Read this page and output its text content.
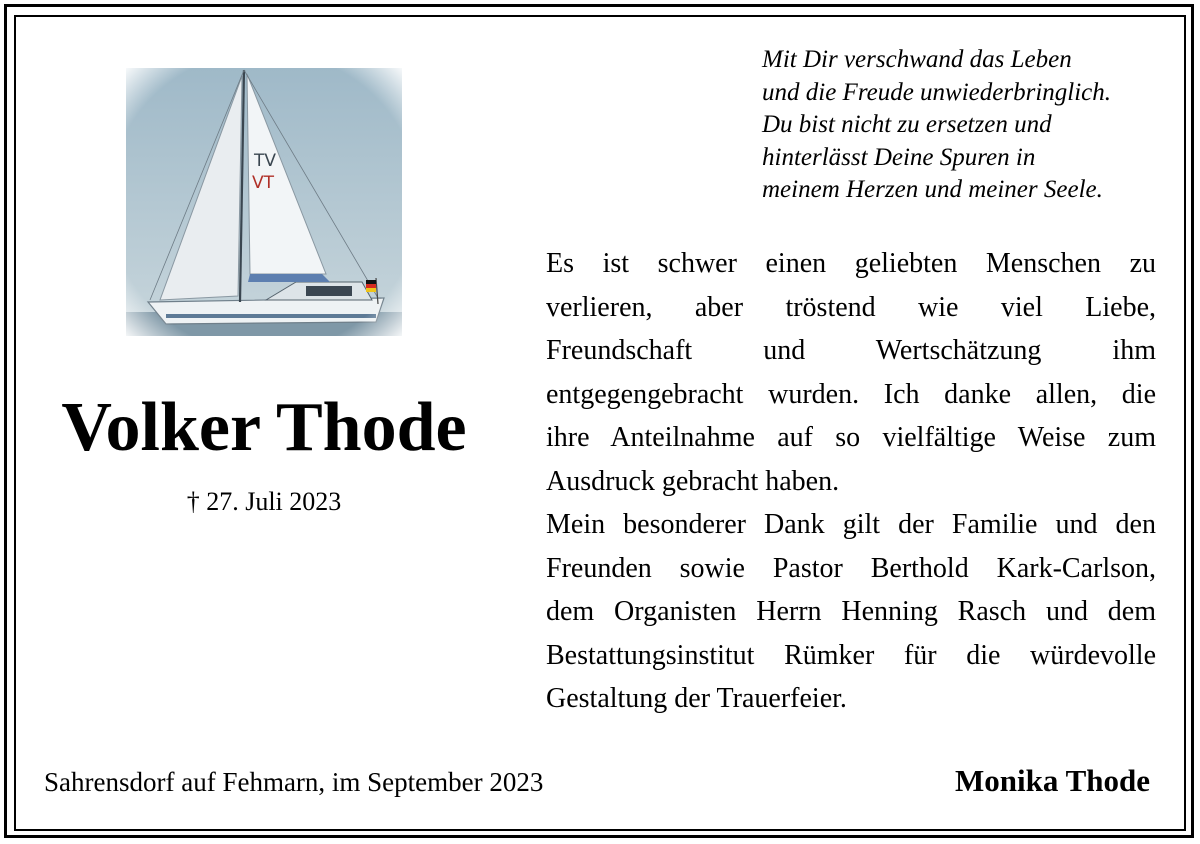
Volker Thode
† 27. Juli 2023
Mit Dir verschwand das Leben
und die Freude unwiederbringlich.
Du bist nicht zu ersetzen und
hinterlässt Deine Spuren in
meinem Herzen und meiner Seele.
Es ist schwer einen geliebten Menschen zu
verlieren, aber tröstend wie viel Liebe,
Freundschaft und Wertschätzung ihm
entgegengebracht wurden. Ich danke allen, die
ihre Anteilnahme auf so vielfältige Weise zum
Ausdruck gebracht haben.
Mein besonderer Dank gilt der Familie und den
Freunden sowie Pastor Berthold Kark-Carlson,
dem Organisten Herrn Henning Rasch und dem
Bestattungsinstitut Rümker für die würdevolle
Gestaltung der Trauerfeier.
Sahrensdorf auf Fehmarn, im September 2023	Monika Thode
